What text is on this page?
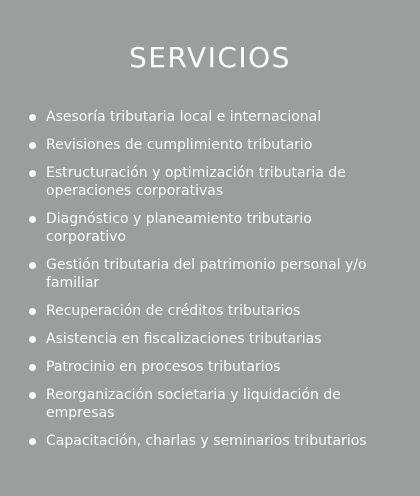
SERVICIOS
Asesoría tributaria local e internacional
Revisiones de cumplimiento tributario
Estructuración y optimización tributaria de operaciones corporativas
Diagnóstico y planeamiento tributario corporativo
Gestión tributaria del patrimonio personal y/o familiar
Recuperación de créditos tributarios
Asistencia en fiscalizaciones tributarias
Patrocinio en procesos tributarios
Reorganización societaria y liquidación de empresas
Capacitación, charlas y seminarios tributarios
